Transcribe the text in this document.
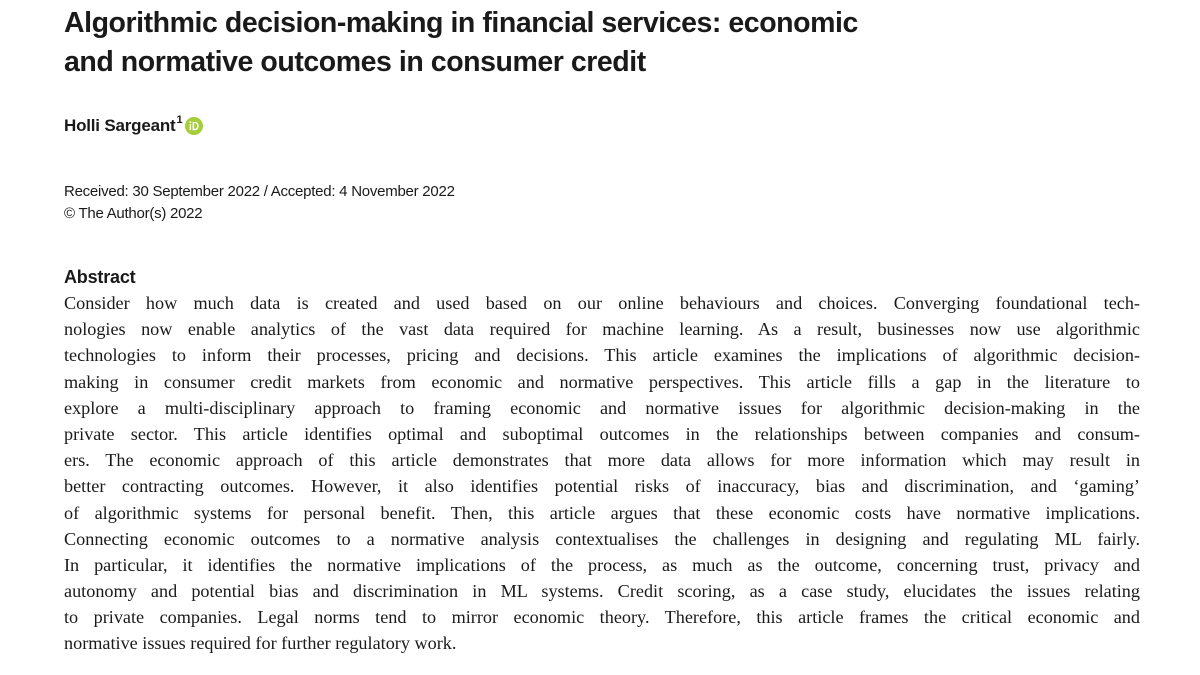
Algorithmic decision-making in financial services: economic
and normative outcomes in consumer credit
Holli Sargeant$^1$
Received: 30 September 2022 / Accepted: 4 November 2022
© The Author(s) 2022
Abstract
Consider how much data is created and used based on our online behaviours and choices. Converging foundational tech-
nologies now enable analytics of the vast data required for machine learning. As a result, businesses now use algorithmic
technologies to inform their processes, pricing and decisions. This article examines the implications of algorithmic decision-
making in consumer credit markets from economic and normative perspectives. This article fills a gap in the literature to
explore a multi-disciplinary approach to framing economic and normative issues for algorithmic decision-making in the
private sector. This article identifies optimal and suboptimal outcomes in the relationships between companies and consum-
ers. The economic approach of this article demonstrates that more data allows for more information which may result in
better contracting outcomes. However, it also identifies potential risks of inaccuracy, bias and discrimination, and ‘gaming’
of algorithmic systems for personal benefit. Then, this article argues that these economic costs have normative implications.
Connecting economic outcomes to a normative analysis contextualises the challenges in designing and regulating ML fairly.
In particular, it identifies the normative implications of the process, as much as the outcome, concerning trust, privacy and
autonomy and potential bias and discrimination in ML systems. Credit scoring, as a case study, elucidates the issues relating
to private companies. Legal norms tend to mirror economic theory. Therefore, this article frames the critical economic and
normative issues required for further regulatory work.
